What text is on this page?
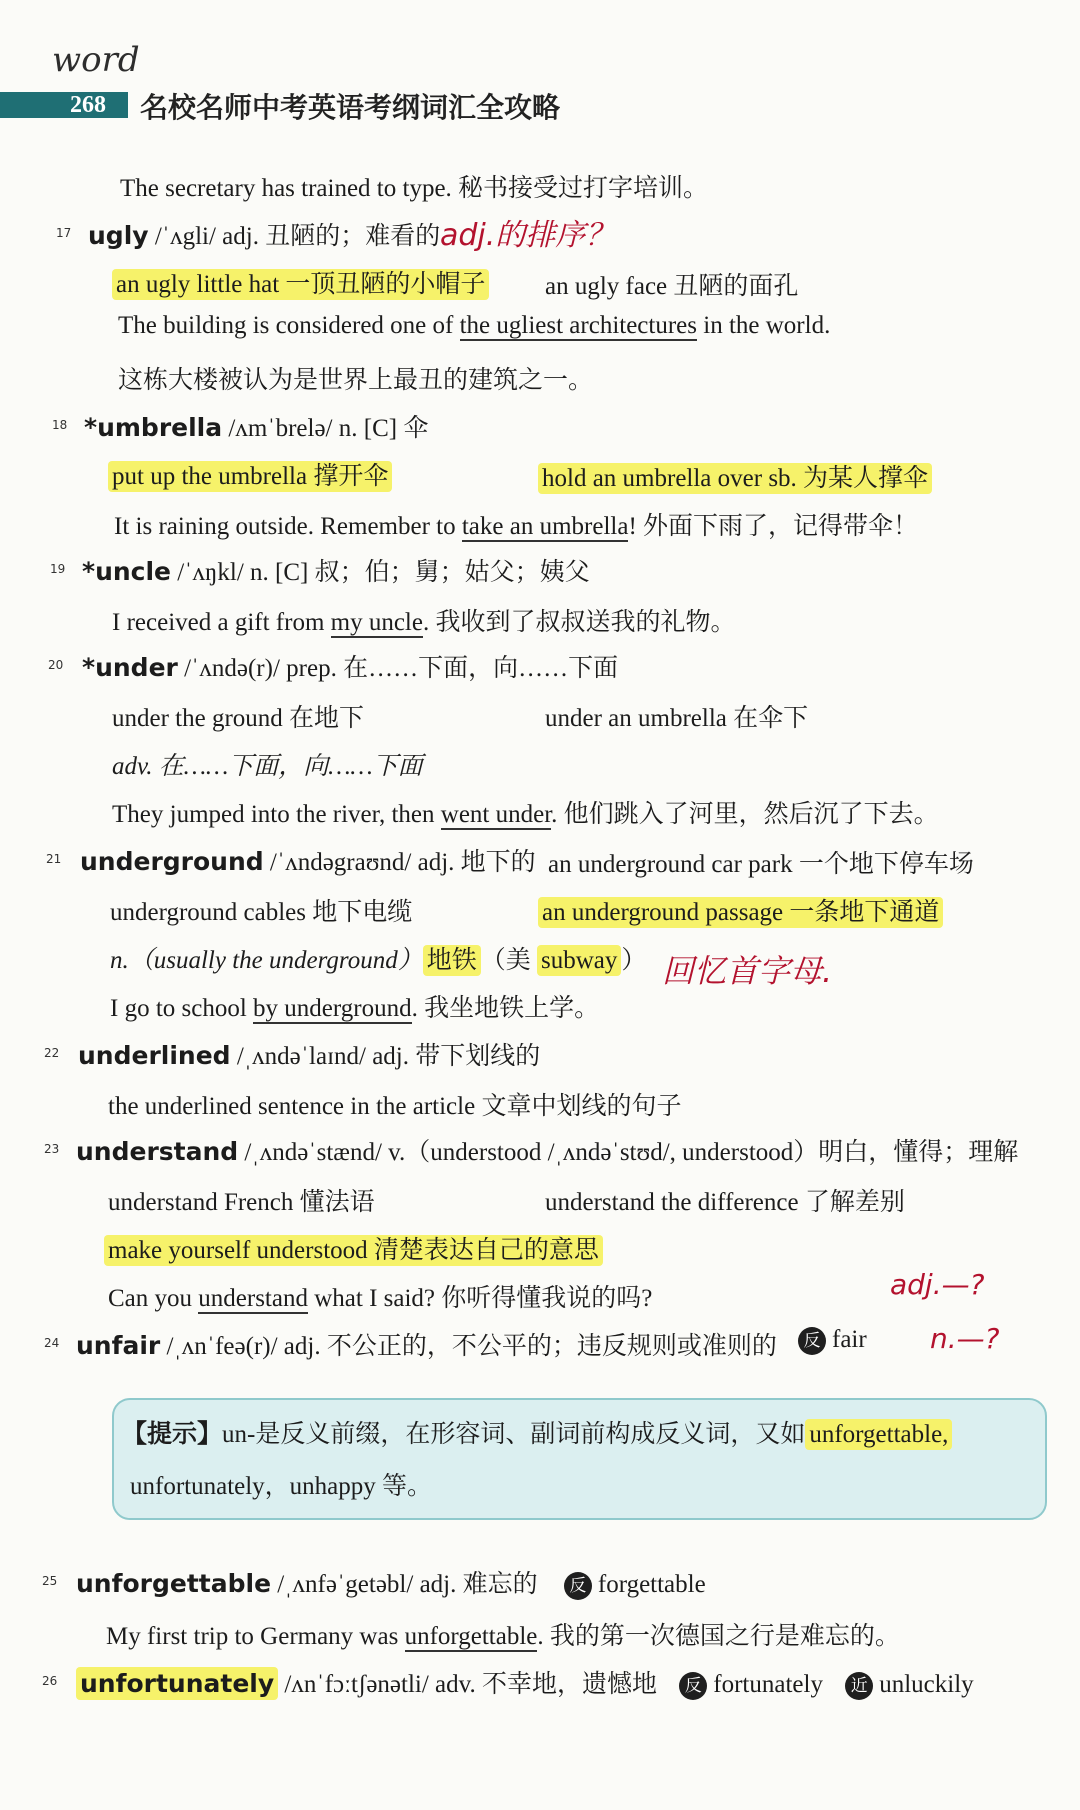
word
268	名校名师中考英语考纲词汇全攻略
The secretary has trained to type. 秘书接受过打字培训。
17 ugly /ˈʌgli/ adj. 丑陋的；难看的 adj.的排序？
an ugly little hat 一顶丑陋的小帽子 an ugly face 丑陋的面孔
The building is considered one of the ugliest architectures in the world.
这栋大楼被认为是世界上最丑的建筑之一。
18 *umbrella /ʌmˈbrelə/ n. [C] 伞
put up the umbrella 撑开伞	hold an umbrella over sb. 为某人撑伞
It is raining outside. Remember to take an umbrella! 外面下雨了，记得带伞！
19 *uncle /ˈʌŋkl/ n. [C] 叔；伯；舅；姑父；姨父
I received a gift from my uncle. 我收到了叔叔送我的礼物。
20 *under /ˈʌndə(r)/ prep. 在……下面，向……下面
under the ground 在地下	under an umbrella 在伞下
adv. 在……下面，向……下面
They jumped into the river, then went under. 他们跳入了河里，然后沉了下去。
21 underground /ˈʌndəgraʊnd/ adj. 地下的 an underground car park 一个地下停车场
underground cables 地下电缆	an underground passage 一条地下通道
n.（usually the underground） 地铁 （美 subway ） 回忆首字母.
I go to school by underground. 我坐地铁上学。
22 underlined /ˌʌndəˈlaɪnd/ adj. 带下划线的
the underlined sentence in the article 文章中划线的句子
23 understand /ˌʌndəˈstænd/ v.（understood /ˌʌndəˈstʊd/, understood）明白，懂得；理解
understand French 懂法语	understand the difference 了解差别
make yourself understood 清楚表达自己的意思
Can you understand what I said? 你听得懂我说的吗?	adj.—?
24 unfair /ˌʌnˈfeə(r)/ adj. 不公正的，不公平的；违反规则或准则的	反 fair n.—?
【提示】un-是反义前缀，在形容词、副词前构成反义词，又如 unforgettable,
unfortunately，unhappy 等。
25 unforgettable /ˌʌnfəˈgetəbl/ adj. 难忘的 反 forgettable
My first trip to Germany was unforgettable. 我的第一次德国之行是难忘的。
26 unfortunately /ʌnˈfɔːtʃənətli/ adv. 不幸地，遗憾地 反 fortunately 近 unluckily
